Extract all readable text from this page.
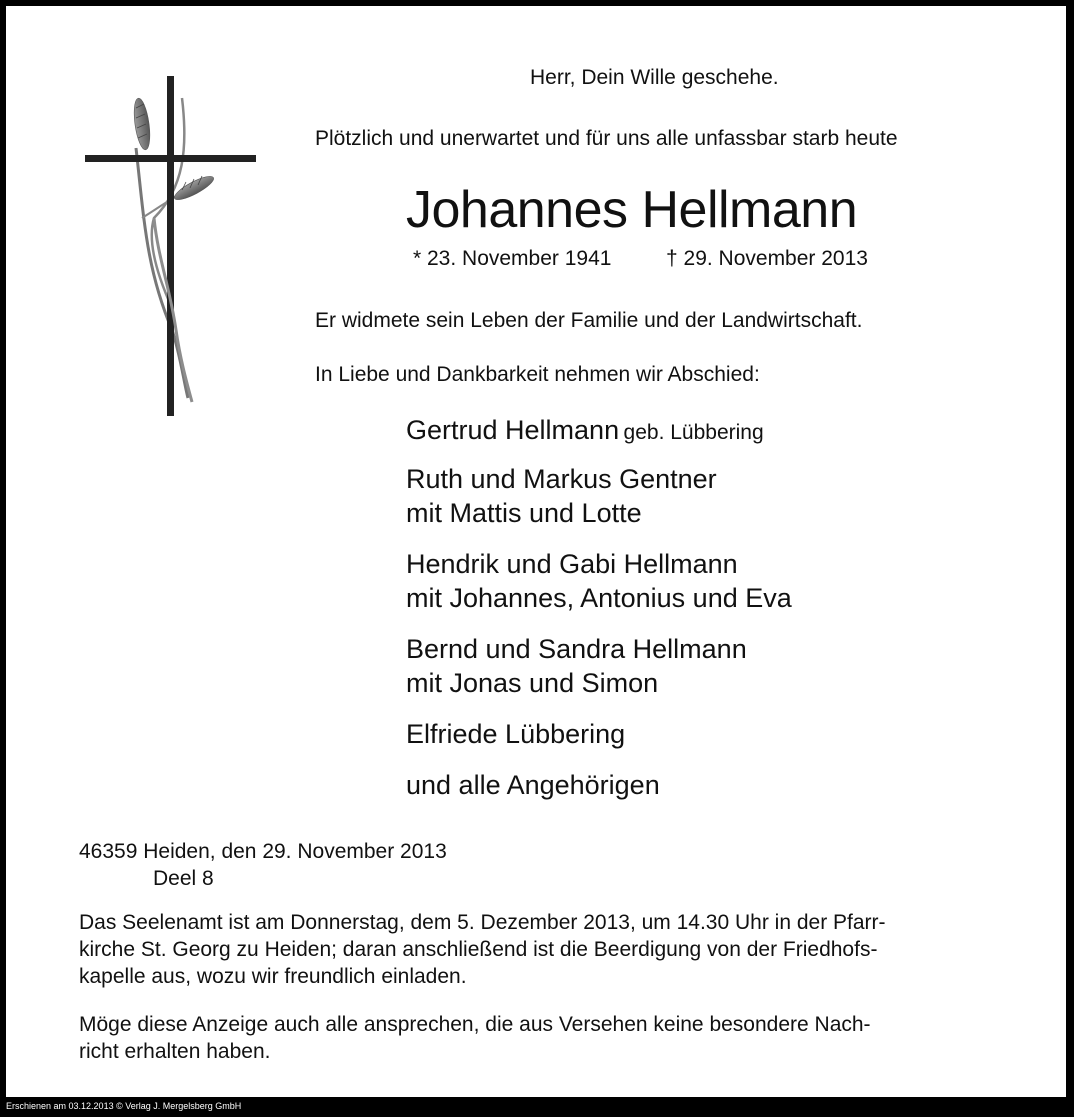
Herr, Dein Wille geschehe.
Plötzlich und unerwartet und für uns alle unfassbar starb heute
Johannes Hellmann
* 23. November 1941	† 29. November 2013
Er widmete sein Leben der Familie und der Landwirtschaft.
In Liebe und Dankbarkeit nehmen wir Abschied:
Gertrud Hellmann geb. Lübbering
Ruth und Markus Gentner
mit Mattis und Lotte
Hendrik und Gabi Hellmann
mit Johannes, Antonius und Eva
Bernd und Sandra Hellmann
mit Jonas und Simon
Elfriede Lübbering
und alle Angehörigen
46359 Heiden, den 29. November 2013
Deel 8
Das Seelenamt ist am Donnerstag, dem 5. Dezember 2013, um 14.30 Uhr in der Pfarr-
kirche St. Georg zu Heiden; daran anschließend ist die Beerdigung von der Friedhofs-
kapelle aus, wozu wir freundlich einladen.
Möge diese Anzeige auch alle ansprechen, die aus Versehen keine besondere Nach-
richt erhalten haben.
Erschienen am 03.12.2013 © Verlag J. Mergelsberg GmbH
